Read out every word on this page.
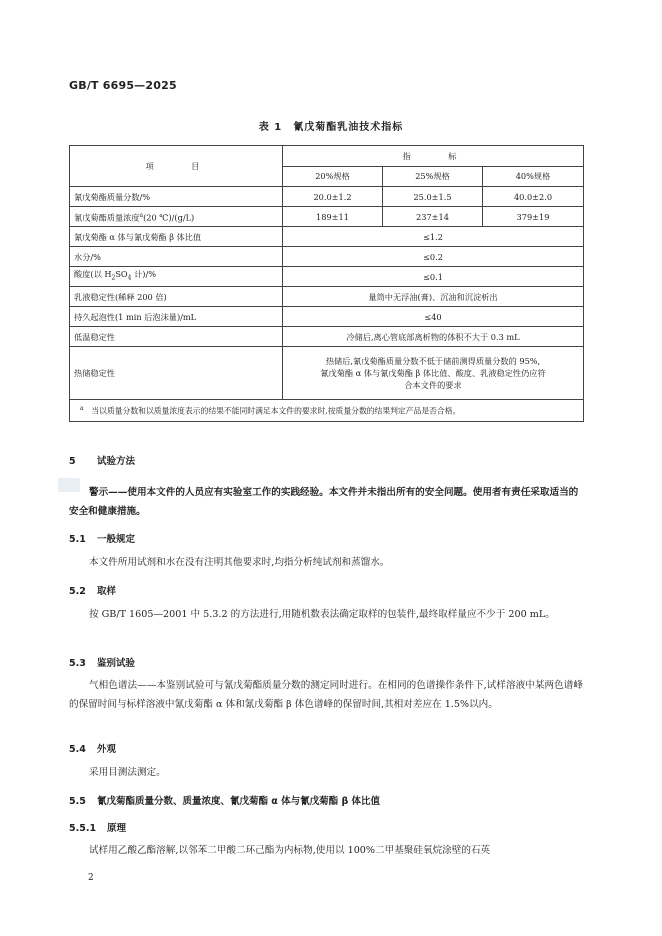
GB/T 6695—2025
表 1　氰戊菊酯乳油技术指标
项　　目	指　　标		
	20%规格	25%规格	40%规格
氰戊菊酯质量分数/%	20.0±1.2	25.0±1.5	40.0±2.0
氰戊菊酯质量浓度$^a$(20 ℃)/(g/L)	189±11	237±14	379±19
氰戊菊酯 α 体与氰戊菊酯 β 体比值	≤1.2		
水分/%	≤0.2		
酸度(以 $H_2SO_4$ 计)/%	≤0.1		
乳液稳定性(稀释 200 倍)	量筒中无浮油(膏)、沉油和沉淀析出		
持久起泡性(1 min 后泡沫量)/mL	≤40		
低温稳定性	冷储后,离心管底部离析物的体积不大于 0.3 mL		
热储稳定性	热储后,氰戊菊酯质量分数不低于储前测得质量分数的 95%,
氰戊菊酯 α 体与氰戊菊酯 β 体比值、酸度、乳液稳定性仍应符
合本文件的要求		

$^a$　 当以质量分数和以质量浓度表示的结果不能同时满足本文件的要求时,按质量分数的结果判定产品是否合格。			
5 试验方法
警示——使用本文件的人员应有实验室工作的实践经验。本文件并未指出所有的安全问题。使用者有责任采取适当的安全和健康措施。
5.1 一般规定
本文件所用试剂和水在没有注明其他要求时,均指分析纯试剂和蒸馏水。
5.2 取样
按 GB/T 1605—2001 中 5.3.2 的方法进行,用随机数表法确定取样的包装件,最终取样量应不少于 200 mL。
5.3 鉴别试验
气相色谱法——本鉴别试验可与氰戊菊酯质量分数的测定同时进行。在相同的色谱操作条件下,试样溶液中某两色谱峰的保留时间与标样溶液中氰戊菊酯 α 体和氰戊菊酯 β 体色谱峰的保留时间,其相对差应在 1.5%以内。
5.4 外观
采用目测法测定。
5.5 氰戊菊酯质量分数、质量浓度、氰戊菊酯 α 体与氰戊菊酯 β 体比值
5.5.1 原理
试样用乙酸乙酯溶解,以邻苯二甲酸二环己酯为内标物,使用以 100%二甲基聚硅氧烷涂壁的石英
2
